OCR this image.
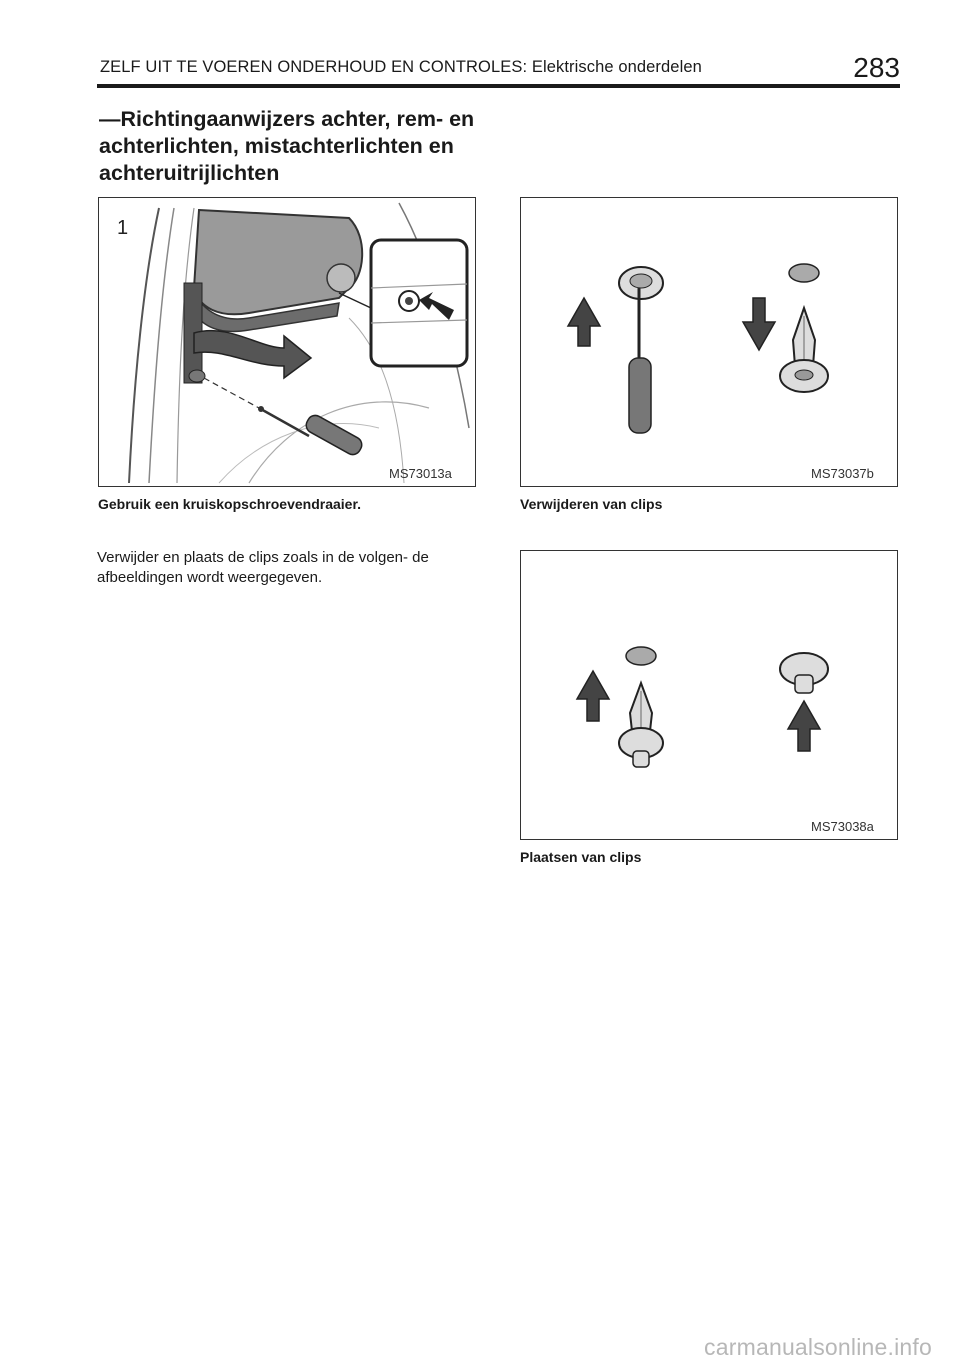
ZELF UIT TE VOEREN ONDERHOUD EN CONTROLES: Elektrische onderdelen	283
—Richtingaanwijzers achter, rem- en achterlichten, mistachterlichten en achteruitrijlichten
1
MS73013a
Gebruik een kruiskopschroevendraaier.
MS73037b
Verwijderen van clips
Verwijder en plaats de clips zoals in de volgen- de afbeeldingen wordt weergegeven.
MS73038a
Plaatsen van clips
carmanualsonline.info
